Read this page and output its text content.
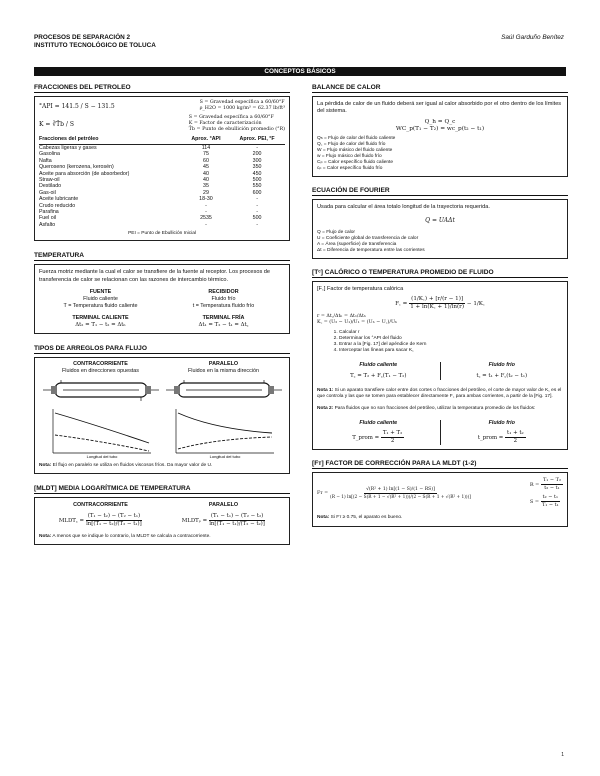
PROCESOS DE SEPARACIÓN 2
INSTITUTO TECNOLÓGICO DE TOLUCA
Saúl Garduño Benítez
CONCEPTOS BÁSICOS
FRACCIONES DEL PETROLEO
°API = 141.5 / S − 131.5	S = Gravedad específica a 60/60°F
ρ_H2O = 1000 kg/m³ = 62.37 lb/ft³
K = ∛T̄b / S
S = Gravedad específica a 60/60°F
K = Factor de caracterización
T̄b = Punto de ebullición promedio (°R)
Fracciones del petróleo	Aprox. °API	Aprox. PEI, °F
Cabezas ligeras y gases	114	-
Gasolina	75	200
Nafta	60	300
Queroseno (kerozena, kerosén)	45	350
Aceite para absorción (de absorbedor)	40	450
Straw-oil	40	500
Destilado	35	550
Gas-oil	29	600
Aceite lubricante	18-30	-
Crudo reducido	-	-
Parafina	-	-
Fuel oil	2535	500
Asfalto	-	-
PEI = Punto de Ebullición Inicial
TEMPERATURA
Fuerza motriz mediante la cual el calor se transfiere de la fuente al receptor. Los procesos de transferencia de calor se relacionan con las razones de intercambio térmico.
FUENTE
Fluido caliente
T = Temperatura fluido caliente
RECIBIDOR
Fluido frío
t = Temperatura fluido frío
TERMINAL CALIENTE
Δt₂ = T₁ − t₂ = Δtₕ
TERMINAL FRÍA
Δt₁ = T₂ − t₁ = Δt꜀
TIPOS DE ARREGLOS PARA FLUJO
CONTRACORRIENTE
Fluidos en direcciones opuestas
PARALELO
Fluidos en la misma dirección
Longitud del tubo	Longitud del tubo
Nota: El flujo en paralelo se utiliza en fluidos viscosos fríos. Da mayor valor de U.
[MLDT] MEDIA LOGARÍTMICA DE TEMPERATURA
CONTRACORRIENTE	PARALELO
MLDT꜀ = $\frac{\text{(T₁ − t₂) − (T₂ − t₁)}}{\text{ln[(T₁ − t₂)/(T₂ − t₁)]}}$	MLDTₚ = $\frac{\text{(T₁ − t₁) − (T₂ − t₂)}}{\text{ln[(T₁ − t₁)/(T₂ − t₂)]}}$
Nota: A menos que se indique lo contrario, la MLDT se calcula a contracorriente.
BALANCE DE CALOR
La pérdida de calor de un fluido deberá ser igual al calor absorbido por el otro dentro de los límites del sistema.
Q_h = Q_c
WC_p(T₁ − T₂) = wc_p(t₂ − t₁)
Qₕ = Flujo de calor del fluido caliente
Q꜀ = Flujo de calor del fluido frío
W = Flujo másico del fluido caliente
w = Flujo másico del fluido frío
Cₚ = Calor específico fluido caliente
cₚ = Calor específico fluido frío
ECUACIÓN DE FOURIER
Usada para calcular el área totalo longitud de la trayectoria requerida.
Q = UAΔt
Q = Flujo de calor
U = Coeficiente global de transferencia de calor
A = Área (superficie) de transferencia
Δt = Diferencia de temperatura entre las corrientes
[Tᶜ] CALÓRICO O TEMPERATURA PROMEDIO DE FLUIDO
[F꜀] Factor de temperatura calórica
F꜀ = $\frac{(1/K꜀) + [r/(r - 1)]}{1 + \ln(K꜀ + 1)/\ln(r)}$ − 1/K꜀
r = Δt꜀/Δtₕ = Δt₁/Δtₕ
K꜀ = (U₂ − U₁)/U₁ = (Uₕ − U꜀)/Uₕ
1. Calcular r
2. Determinar los °API del fluido
3. Entrar a la [Fig. 17] del apéndice de Kern
4. Interceptar las líneas para sacar K꜀
Fluido caliente
T꜀ = T₂ + F꜀(T₁ − T₂)
Fluido frío
t꜀ = t₁ + F꜀(t₂ − t₁)
Nota 1: Si un aparato transfiere calor entre dos cortes o fracciones del petróleo, el corte de mayor valor de K꜀ es el que controla y las que se tomen para establecer directamente F꜀ para ambas corrientes, a partir de la [Fig. 17].
Nota 2: Para fluidos que no son fracciones del petróleo, utilizar la temperatura promedio de los fluidos:
Fluido caliente
T_prom = $\frac{\text{T₁ + T₂}}{2}$
Fluido frío
t_prom = $\frac{\text{t₁ + t₂}}{2}$
[Fᴛ] FACTOR DE CORRECCIÓN PARA LA MLDT (1-2)
Fᴛ =
√(R² + 1) ln[(1 − S)/(1 − RS)]
(R − 1) ln[(2 − S(R + 1 − √(R² + 1)))/(2 − S(R + 1 + √(R² + 1)))]
$R = \frac{\text{T₁ − T₂}}{\text{t₂ − t₁}}$
$S = \frac{\text{t₂ − t₁}}{\text{T₁ − t₁}}$
Nota: Si Fᴛ ≥ 0.75, el aparato es bueno.
1
